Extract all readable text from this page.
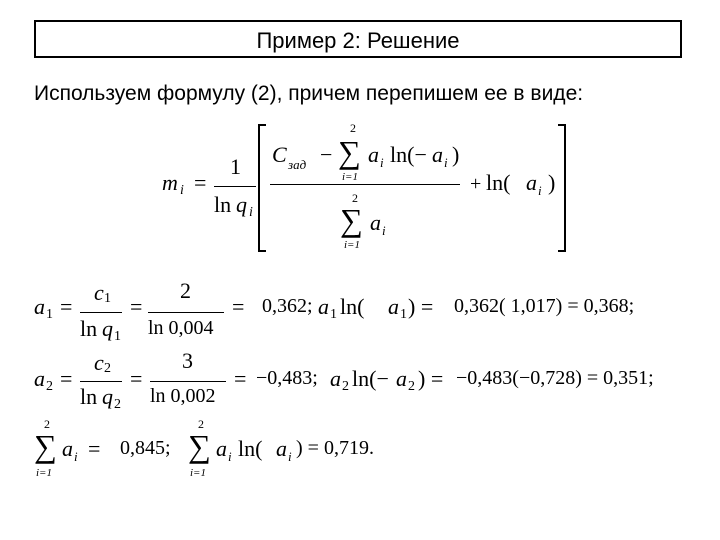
Пример 2: Решение
Используем формулу (2), причем перепишем ее в виде:
m i =
1
ln q i
C зад −
2
∑
i=1
a i ln(− a i )
2
∑
i=1
a i
+ ln( a i )
a 1 =
c 1
ln q 1
=
2
ln 0,004
= 0,362; a 1 ln( a 1 ) = 0,362( 1,017) = 0,368;
a 2 =
c 2
ln q 2
=
3
ln 0,002
= −0,483; a 2 ln(− a 2 ) = −0,483(−0,728) = 0,351;
2
∑
i=1
a i = 0,845;
2
∑
i=1
a i ln( a i ) = 0,719.
